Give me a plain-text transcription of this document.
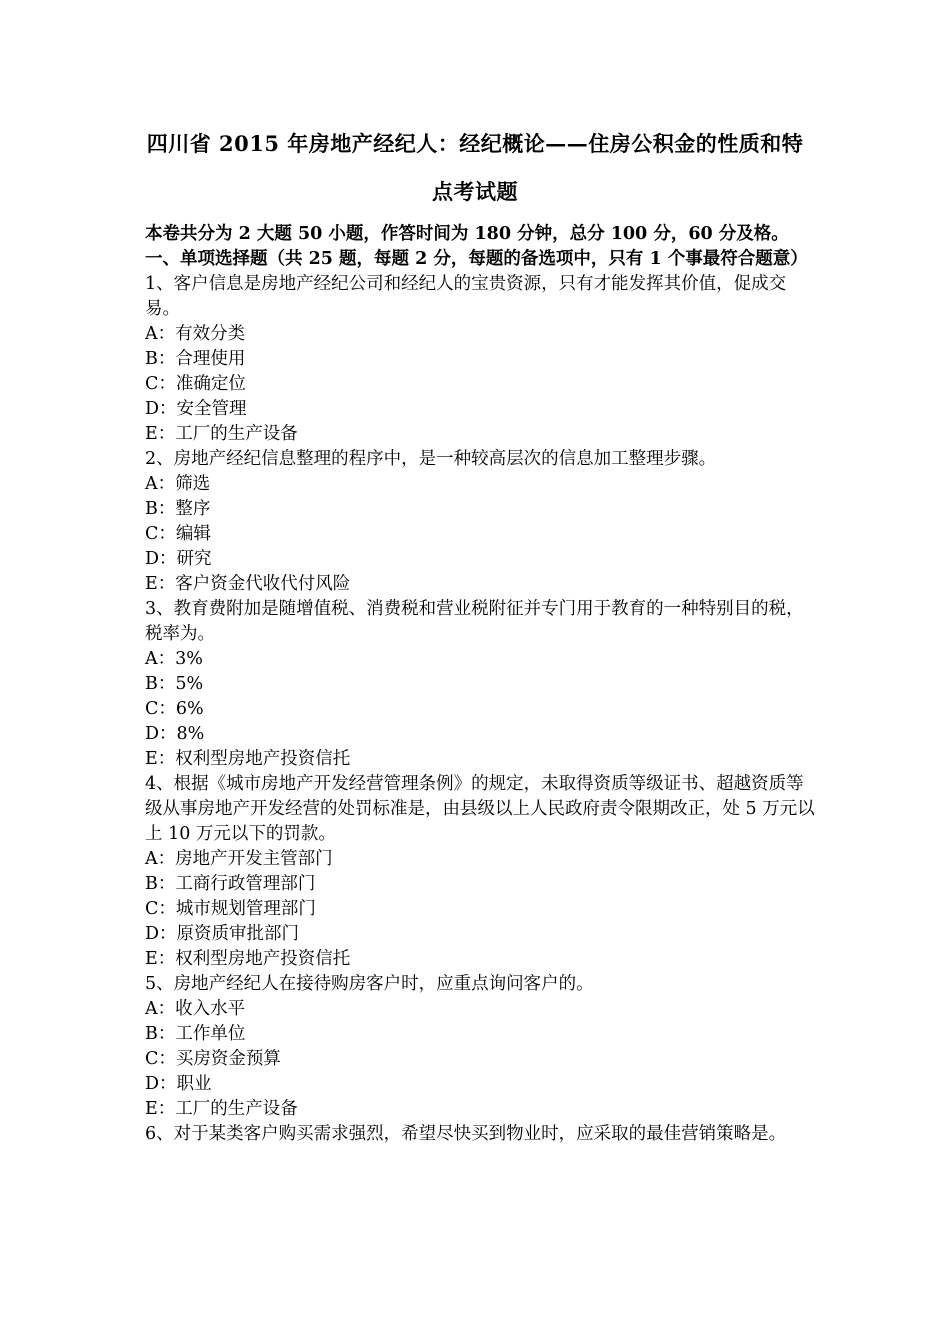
四川省 2015 年房地产经纪人：经纪概论——住房公积金的性质和特
点考试题

本卷共分为 2 大题 50 小题，作答时间为 180 分钟，总分 100 分，60 分及格。

一、单项选择题（共 25 题，每题 2 分，每题的备选项中，只有 1 个事最符合题意）

1、客户信息是房地产经纪公司和经纪人的宝贵资源，只有才能发挥其价值，促成交易。

A：有效分类

B：合理使用

C：准确定位

D：安全管理

E：工厂的生产设备

2、房地产经纪信息整理的程序中，是一种较高层次的信息加工整理步骤。

A：筛选

B：整序

C：编辑

D：研究

E：客户资金代收代付风险

3、教育费附加是随增值税、消费税和营业税附征并专门用于教育的一种特别目的税，税率为。

A：3%

B：5%

C：6%

D：8%

E：权利型房地产投资信托

4、根据《城市房地产开发经营管理条例》的规定，未取得资质等级证书、超越资质等级从事房地产开发经营的处罚标准是，由县级以上人民政府责令限期改正，处 5 万元以上 10 万元以下的罚款。

A：房地产开发主管部门

B：工商行政管理部门

C：城市规划管理部门

D：原资质审批部门

E：权利型房地产投资信托

5、房地产经纪人在接待购房客户时，应重点询问客户的。

A：收入水平

B：工作单位

C：买房资金预算

D：职业

E：工厂的生产设备

6、对于某类客户购买需求强烈，希望尽快买到物业时，应采取的最佳营销策略是。
